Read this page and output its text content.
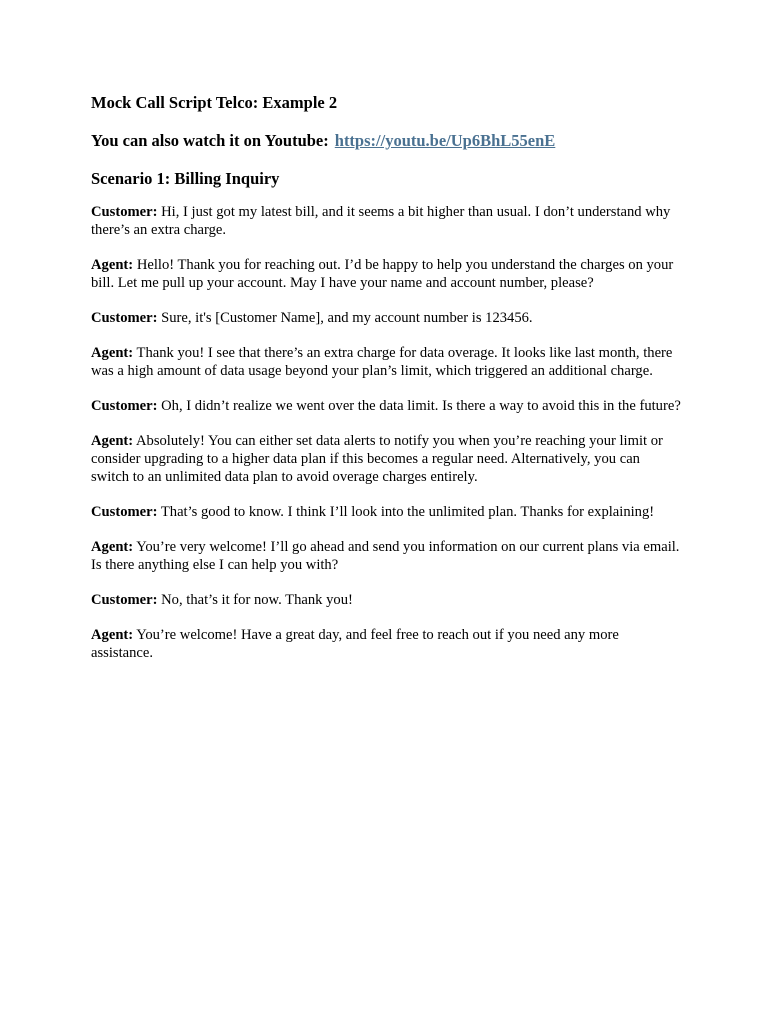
Mock Call Script Telco: Example 2

You can also watch it on Youtube: https://youtu.be/Up6BhL55enE

Scenario 1: Billing Inquiry

Customer: Hi, I just got my latest bill, and it seems a bit higher than usual. I don’t understand why there’s an extra charge.

Agent: Hello! Thank you for reaching out. I’d be happy to help you understand the charges on your bill. Let me pull up your account. May I have your name and account number, please?

Customer: Sure, it's [Customer Name], and my account number is 123456.

Agent: Thank you! I see that there’s an extra charge for data overage. It looks like last month, there was a high amount of data usage beyond your plan’s limit, which triggered an additional charge.

Customer: Oh, I didn’t realize we went over the data limit. Is there a way to avoid this in the future?

Agent: Absolutely! You can either set data alerts to notify you when you’re reaching your limit or consider upgrading to a higher data plan if this becomes a regular need. Alternatively, you can switch to an unlimited data plan to avoid overage charges entirely.

Customer: That’s good to know. I think I’ll look into the unlimited plan. Thanks for explaining!

Agent: You’re very welcome! I’ll go ahead and send you information on our current plans via email. Is there anything else I can help you with?

Customer: No, that’s it for now. Thank you!

Agent: You’re welcome! Have a great day, and feel free to reach out if you need any more assistance.
